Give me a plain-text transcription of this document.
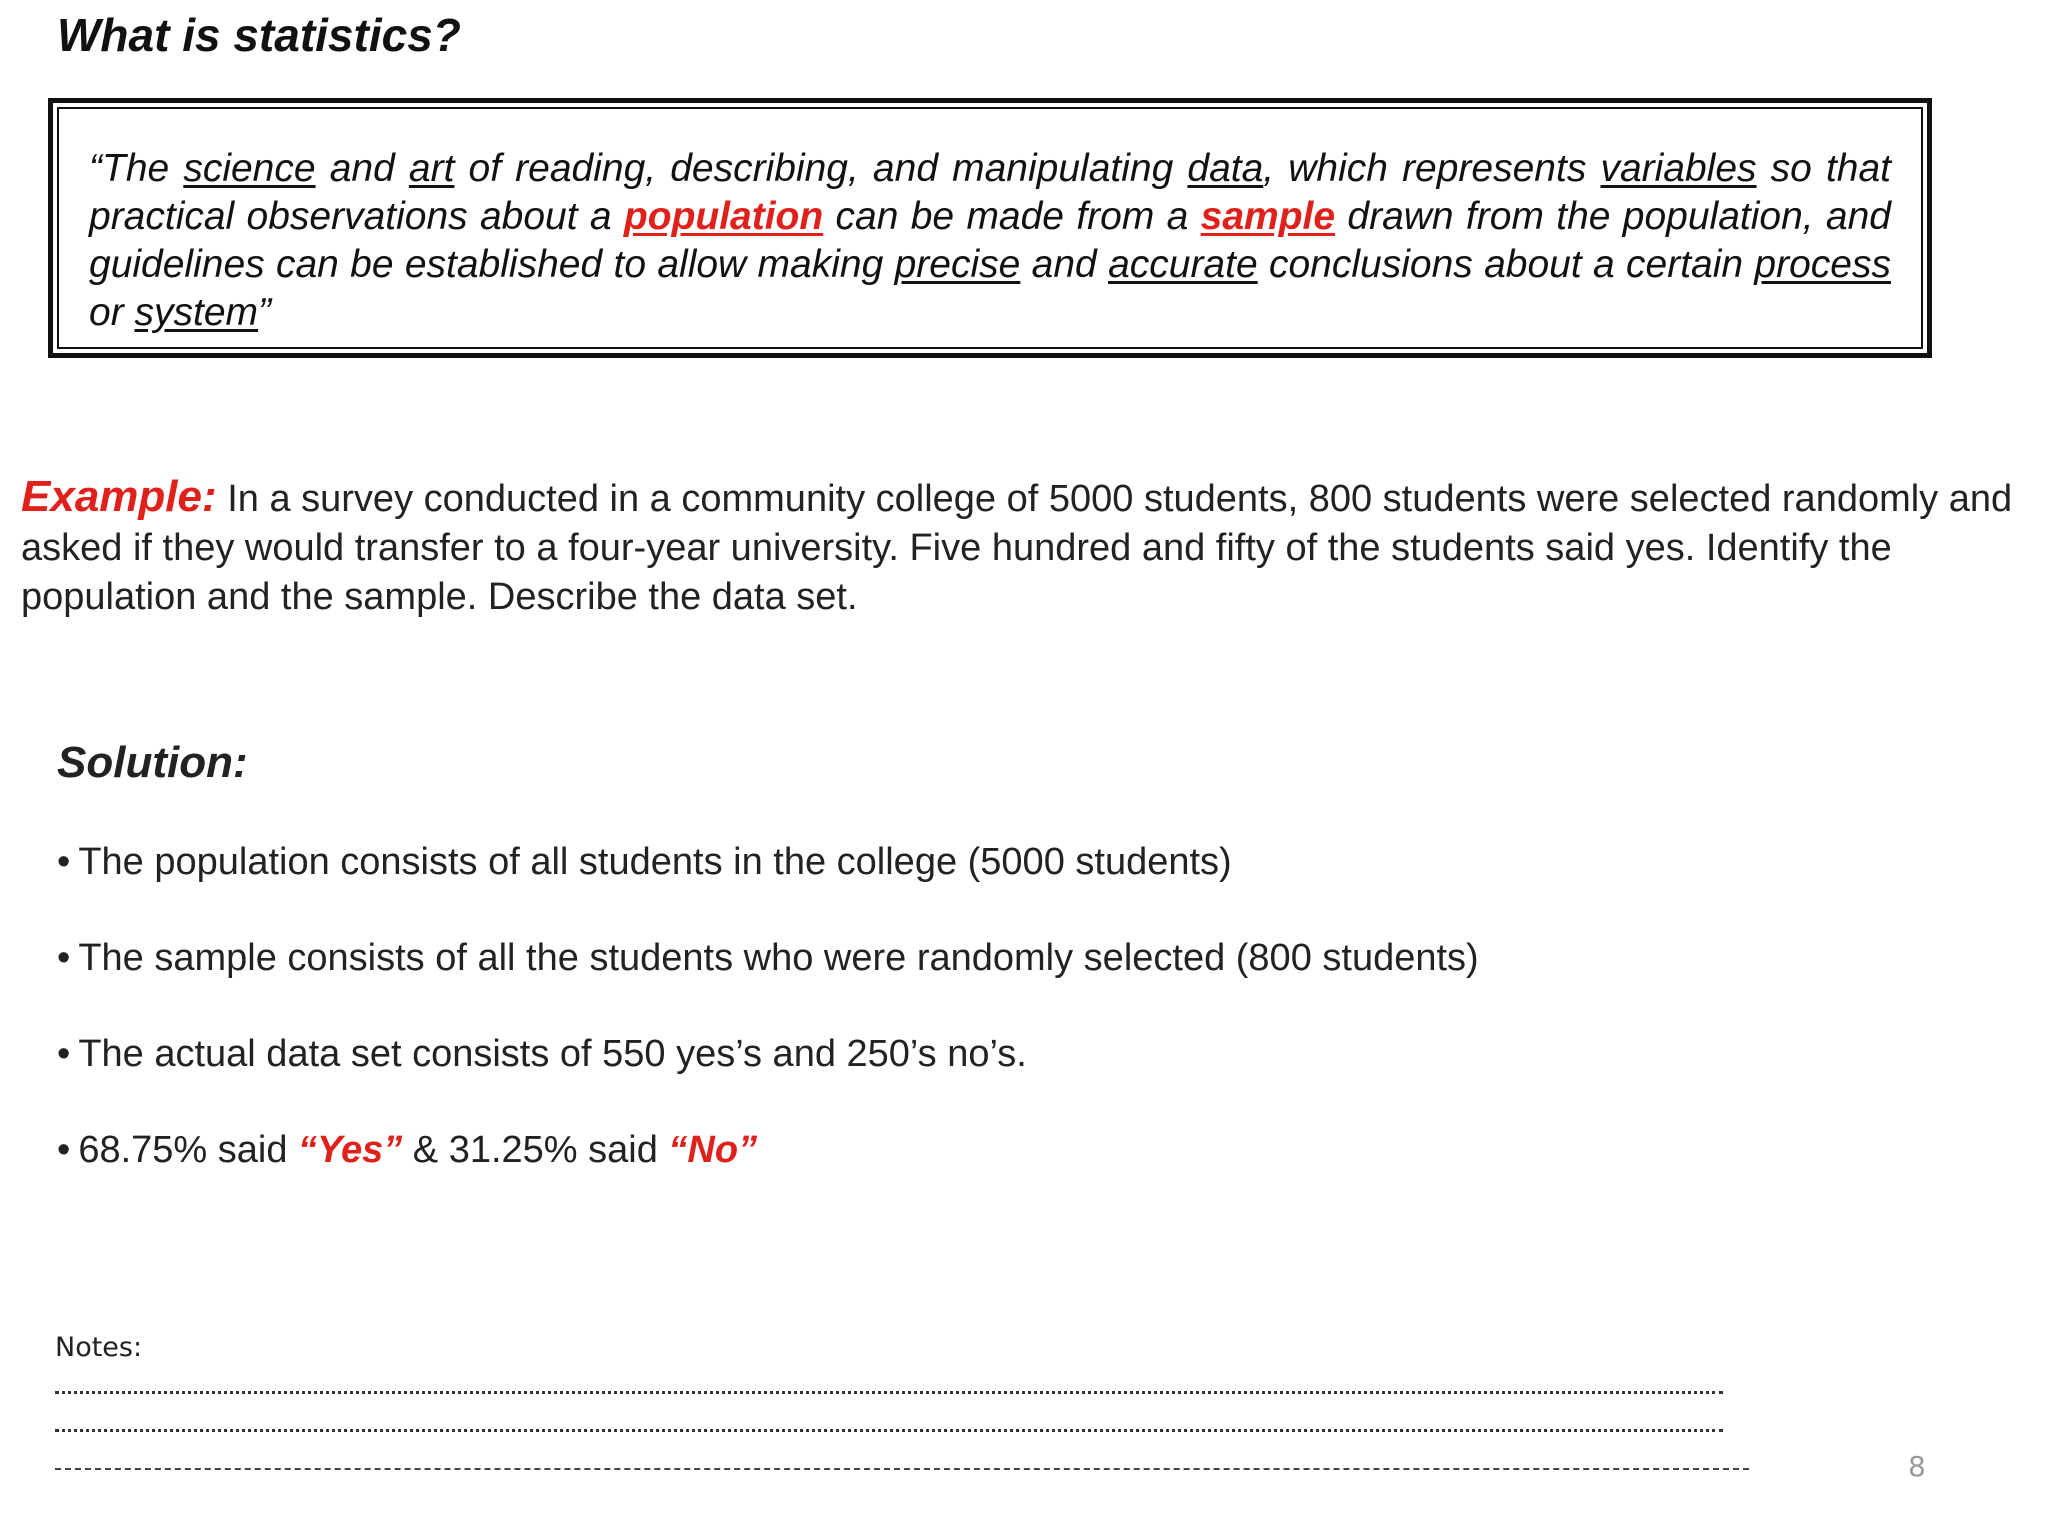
What is statistics?

“The science and art of reading, describing, and manipulating data, which represents variables so that practical observations about a population can be made from a sample drawn from the population, and guidelines can be established to allow making precise and accurate conclusions about a certain process or system”

Example: In a survey conducted in a community college of 5000 students, 800 students were selected randomly and asked if they would transfer to a four-year university. Five hundred and fifty of the students said yes. Identify the population and the sample. Describe the data set.

Solution:
• The population consists of all students in the college (5000 students)
• The sample consists of all the students who were randomly selected (800 students)
• The actual data set consists of 550 yes’s and 250’s no’s.
• 68.75% said “Yes” & 31.25% said “No”

Notes:

8
